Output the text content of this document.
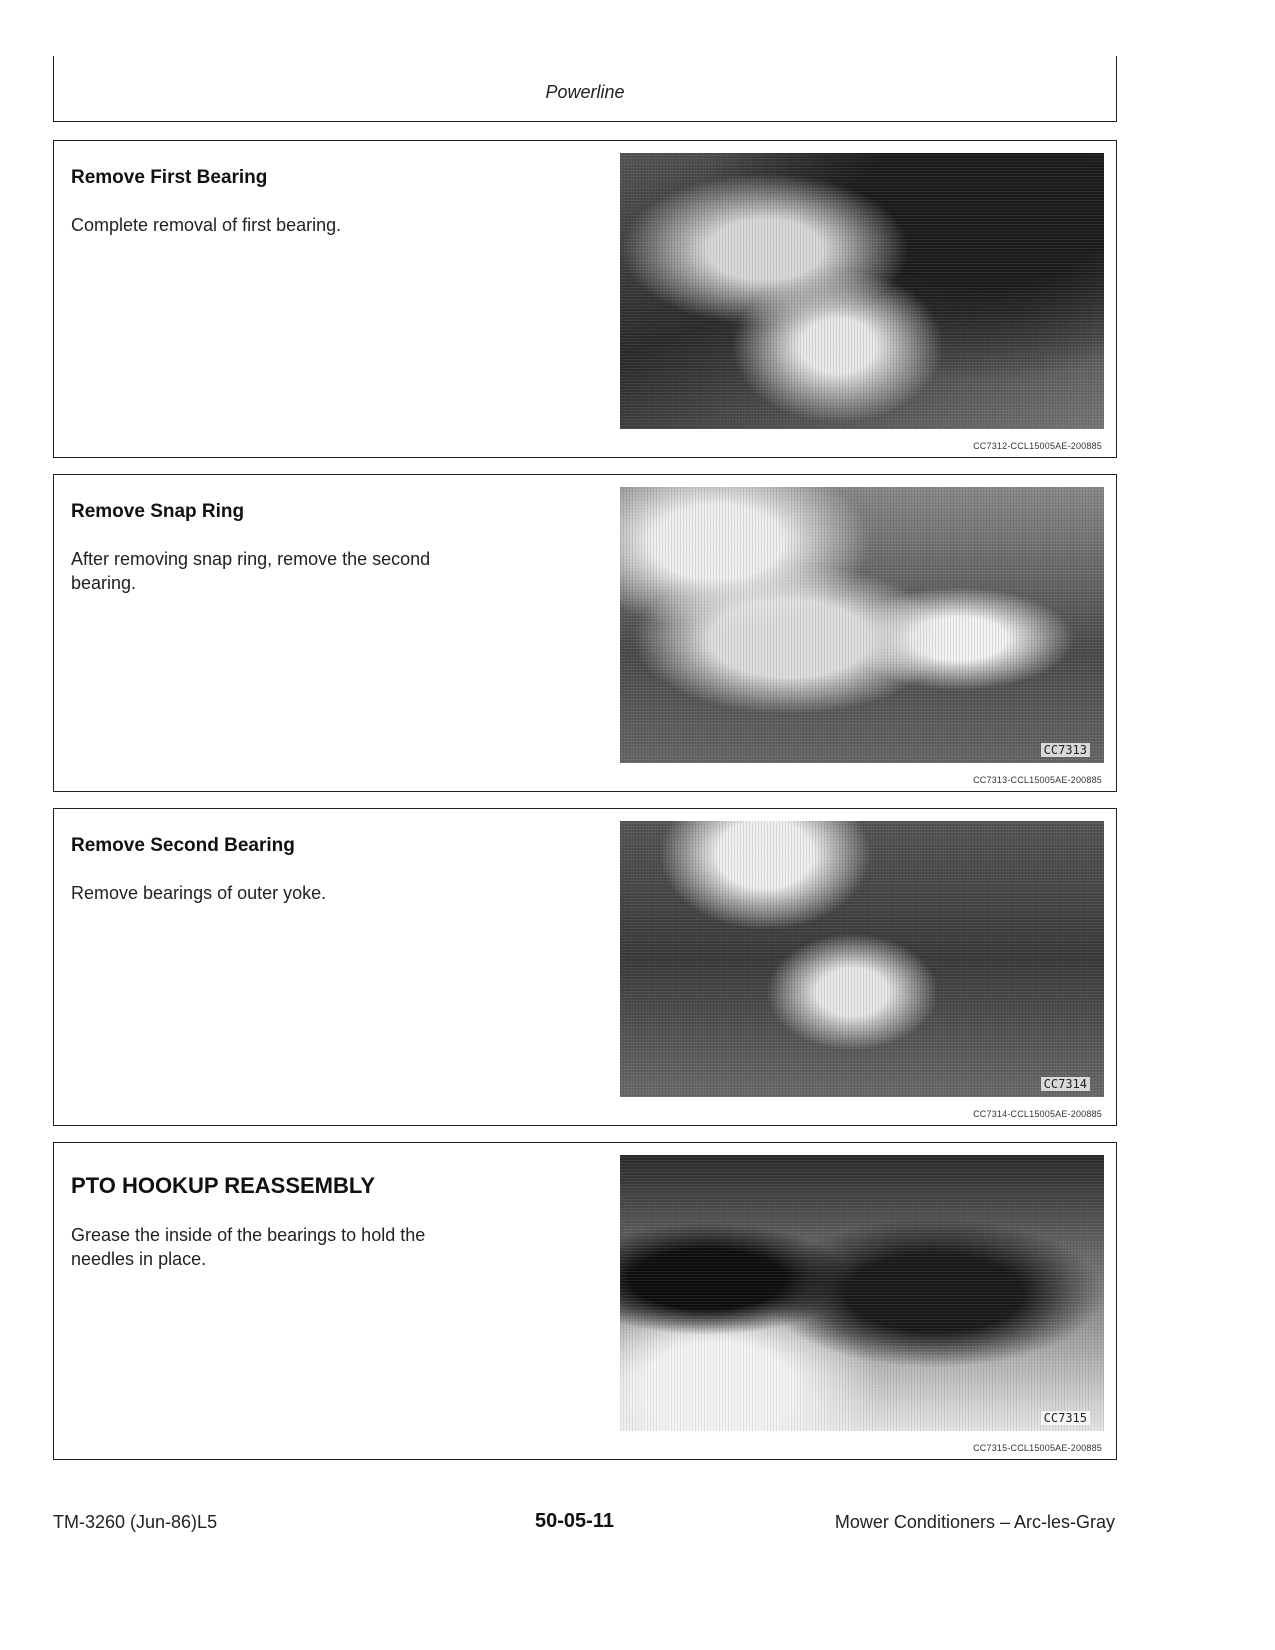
Powerline
Remove First Bearing
Complete removal of first bearing.
CC7312-CCL15005AE-200885
Remove Snap Ring
After removing snap ring, remove the second bearing.
CC7313
CC7313-CCL15005AE-200885
Remove Second Bearing
Remove bearings of outer yoke.
CC7314
CC7314-CCL15005AE-200885
PTO HOOKUP REASSEMBLY
Grease the inside of the bearings to hold the needles in place.
CC7315
CC7315-CCL15005AE-200885
TM-3260 (Jun-86)L5	50-05-11	Mower Conditioners – Arc-les-Gray
